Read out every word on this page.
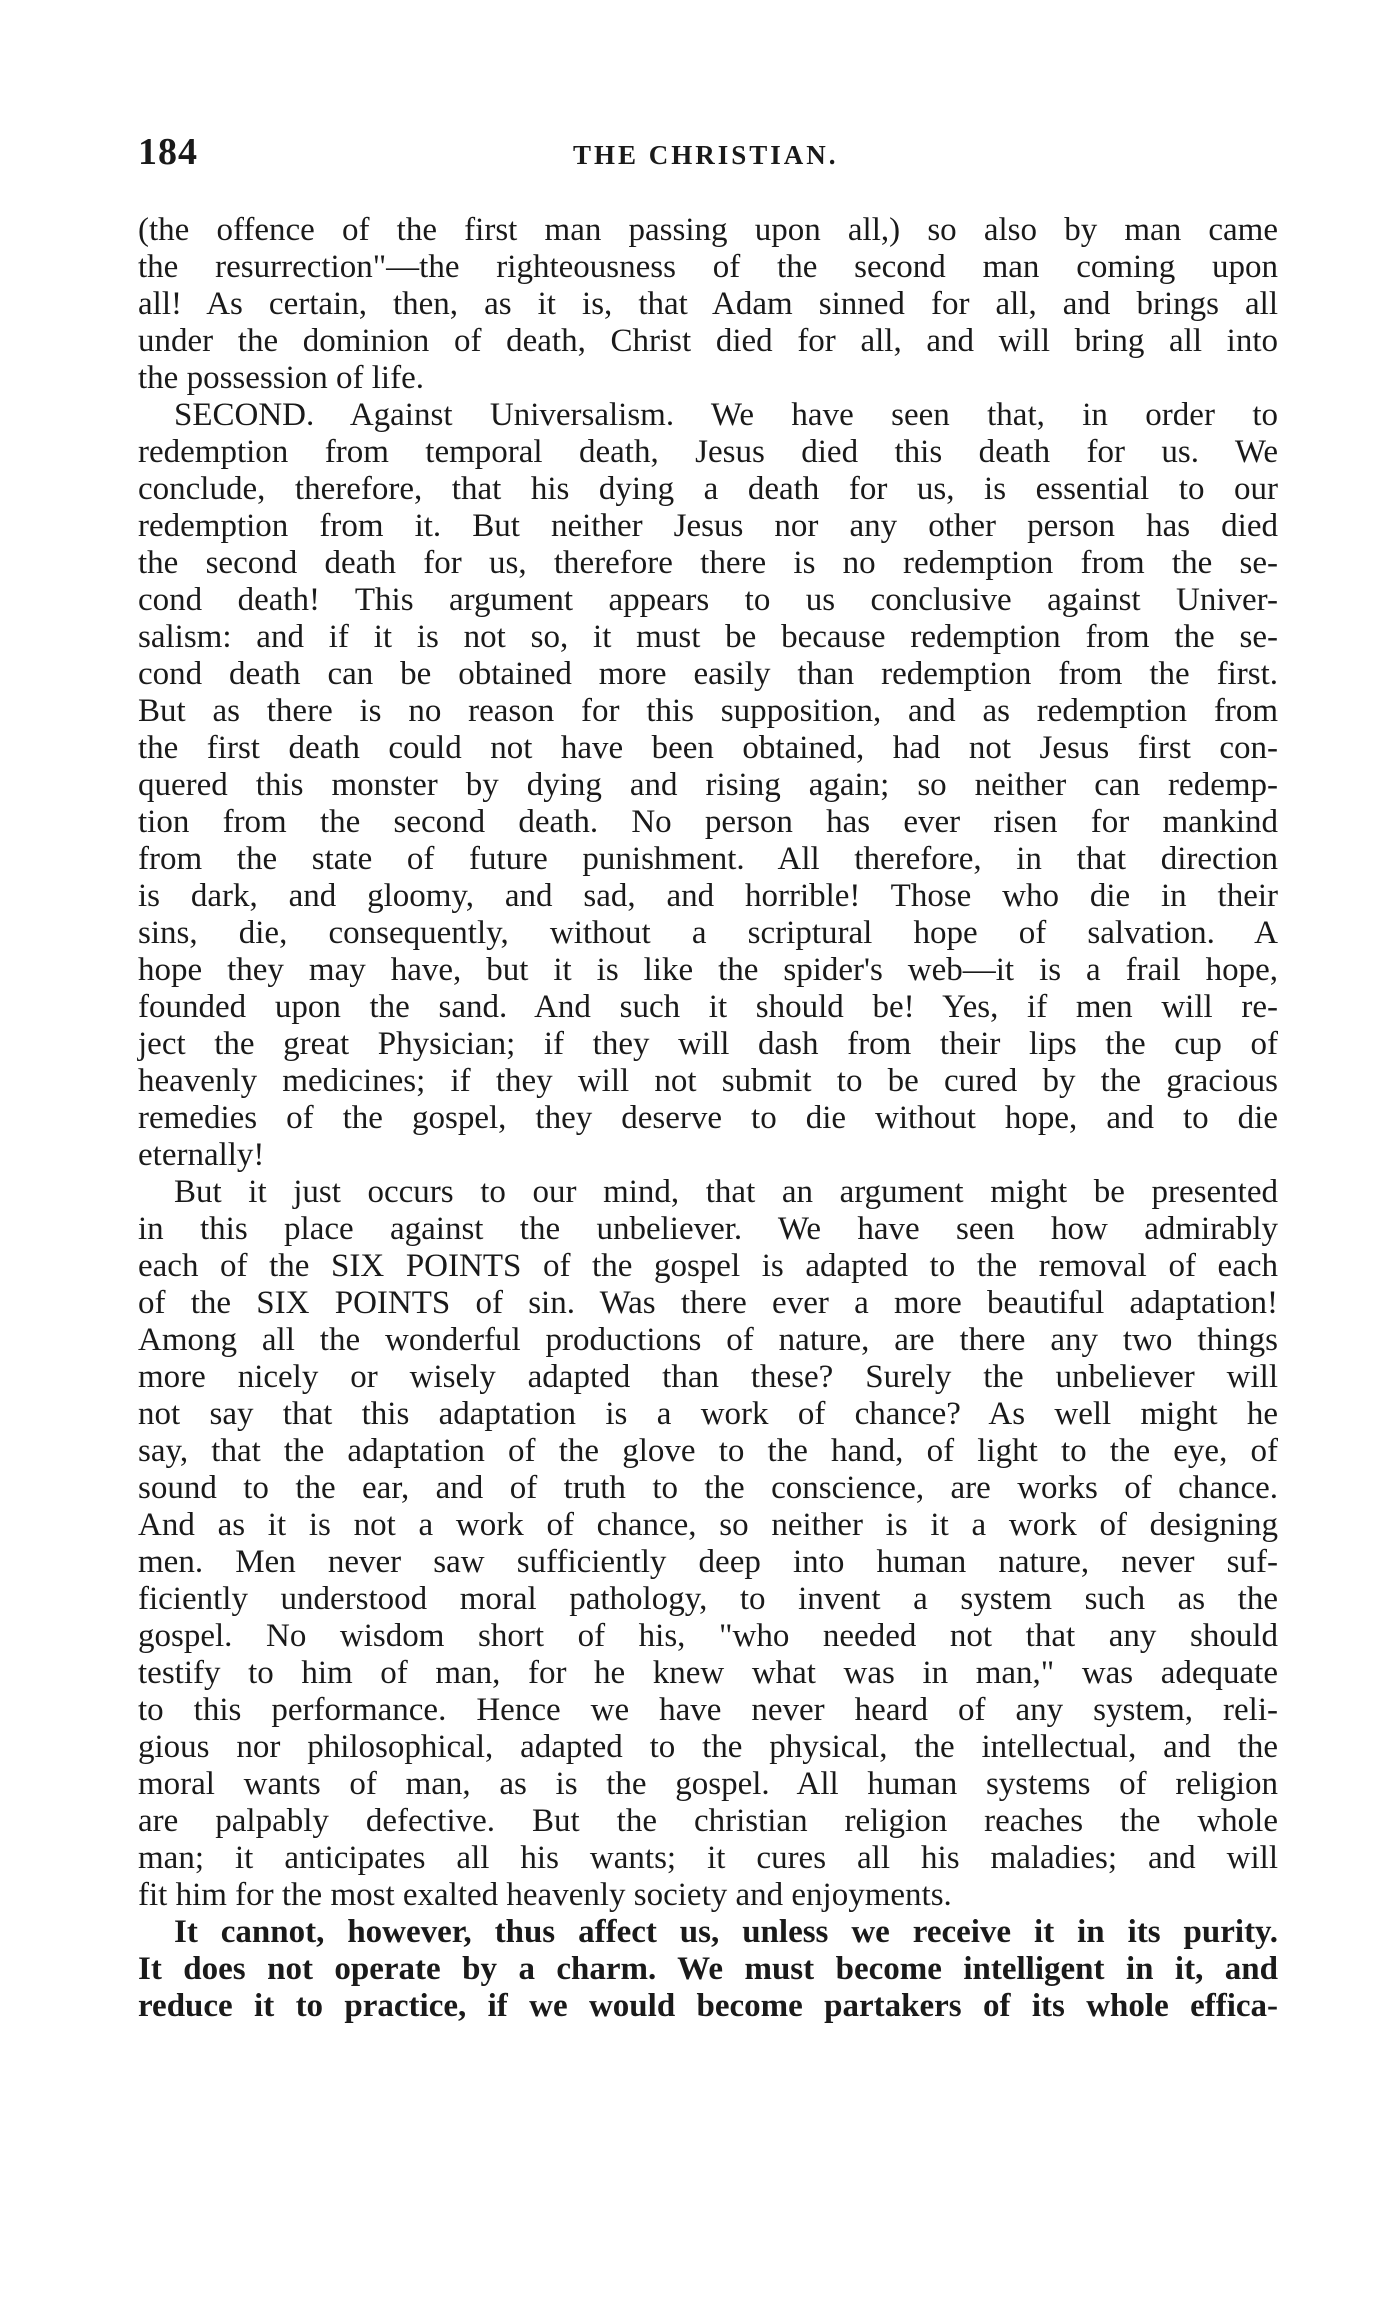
184	THE CHRISTIAN.
(the offence of the first man passing upon all,) so also by man came
the resurrection"—the righteousness of the second man coming upon
all! As certain, then, as it is, that Adam sinned for all, and brings all
under the dominion of death, Christ died for all, and will bring all into
the possession of life.
SECOND. Against Universalism. We have seen that, in order to
redemption from temporal death, Jesus died this death for us. We
conclude, therefore, that his dying a death for us, is essential to our
redemption from it. But neither Jesus nor any other person has died
the second death for us, therefore there is no redemption from the se-
cond death! This argument appears to us conclusive against Univer-
salism: and if it is not so, it must be because redemption from the se-
cond death can be obtained more easily than redemption from the first.
But as there is no reason for this supposition, and as redemption from
the first death could not have been obtained, had not Jesus first con-
quered this monster by dying and rising again; so neither can redemp-
tion from the second death. No person has ever risen for mankind
from the state of future punishment. All therefore, in that direction
is dark, and gloomy, and sad, and horrible! Those who die in their
sins, die, consequently, without a scriptural hope of salvation. A
hope they may have, but it is like the spider's web—it is a frail hope,
founded upon the sand. And such it should be! Yes, if men will re-
ject the great Physician; if they will dash from their lips the cup of
heavenly medicines; if they will not submit to be cured by the gracious
remedies of the gospel, they deserve to die without hope, and to die
eternally!
But it just occurs to our mind, that an argument might be presented
in this place against the unbeliever. We have seen how admirably
each of the SIX POINTS of the gospel is adapted to the removal of each
of the SIX POINTS of sin. Was there ever a more beautiful adaptation!
Among all the wonderful productions of nature, are there any two things
more nicely or wisely adapted than these? Surely the unbeliever will
not say that this adaptation is a work of chance? As well might he
say, that the adaptation of the glove to the hand, of light to the eye, of
sound to the ear, and of truth to the conscience, are works of chance.
And as it is not a work of chance, so neither is it a work of designing
men. Men never saw sufficiently deep into human nature, never suf-
ficiently understood moral pathology, to invent a system such as the
gospel. No wisdom short of his, "who needed not that any should
testify to him of man, for he knew what was in man," was adequate
to this performance. Hence we have never heard of any system, reli-
gious nor philosophical, adapted to the physical, the intellectual, and the
moral wants of man, as is the gospel. All human systems of religion
are palpably defective. But the christian religion reaches the whole
man; it anticipates all his wants; it cures all his maladies; and will
fit him for the most exalted heavenly society and enjoyments.
It cannot, however, thus affect us, unless we receive it in its purity.
It does not operate by a charm. We must become intelligent in it, and
reduce it to practice, if we would become partakers of its whole effica-
